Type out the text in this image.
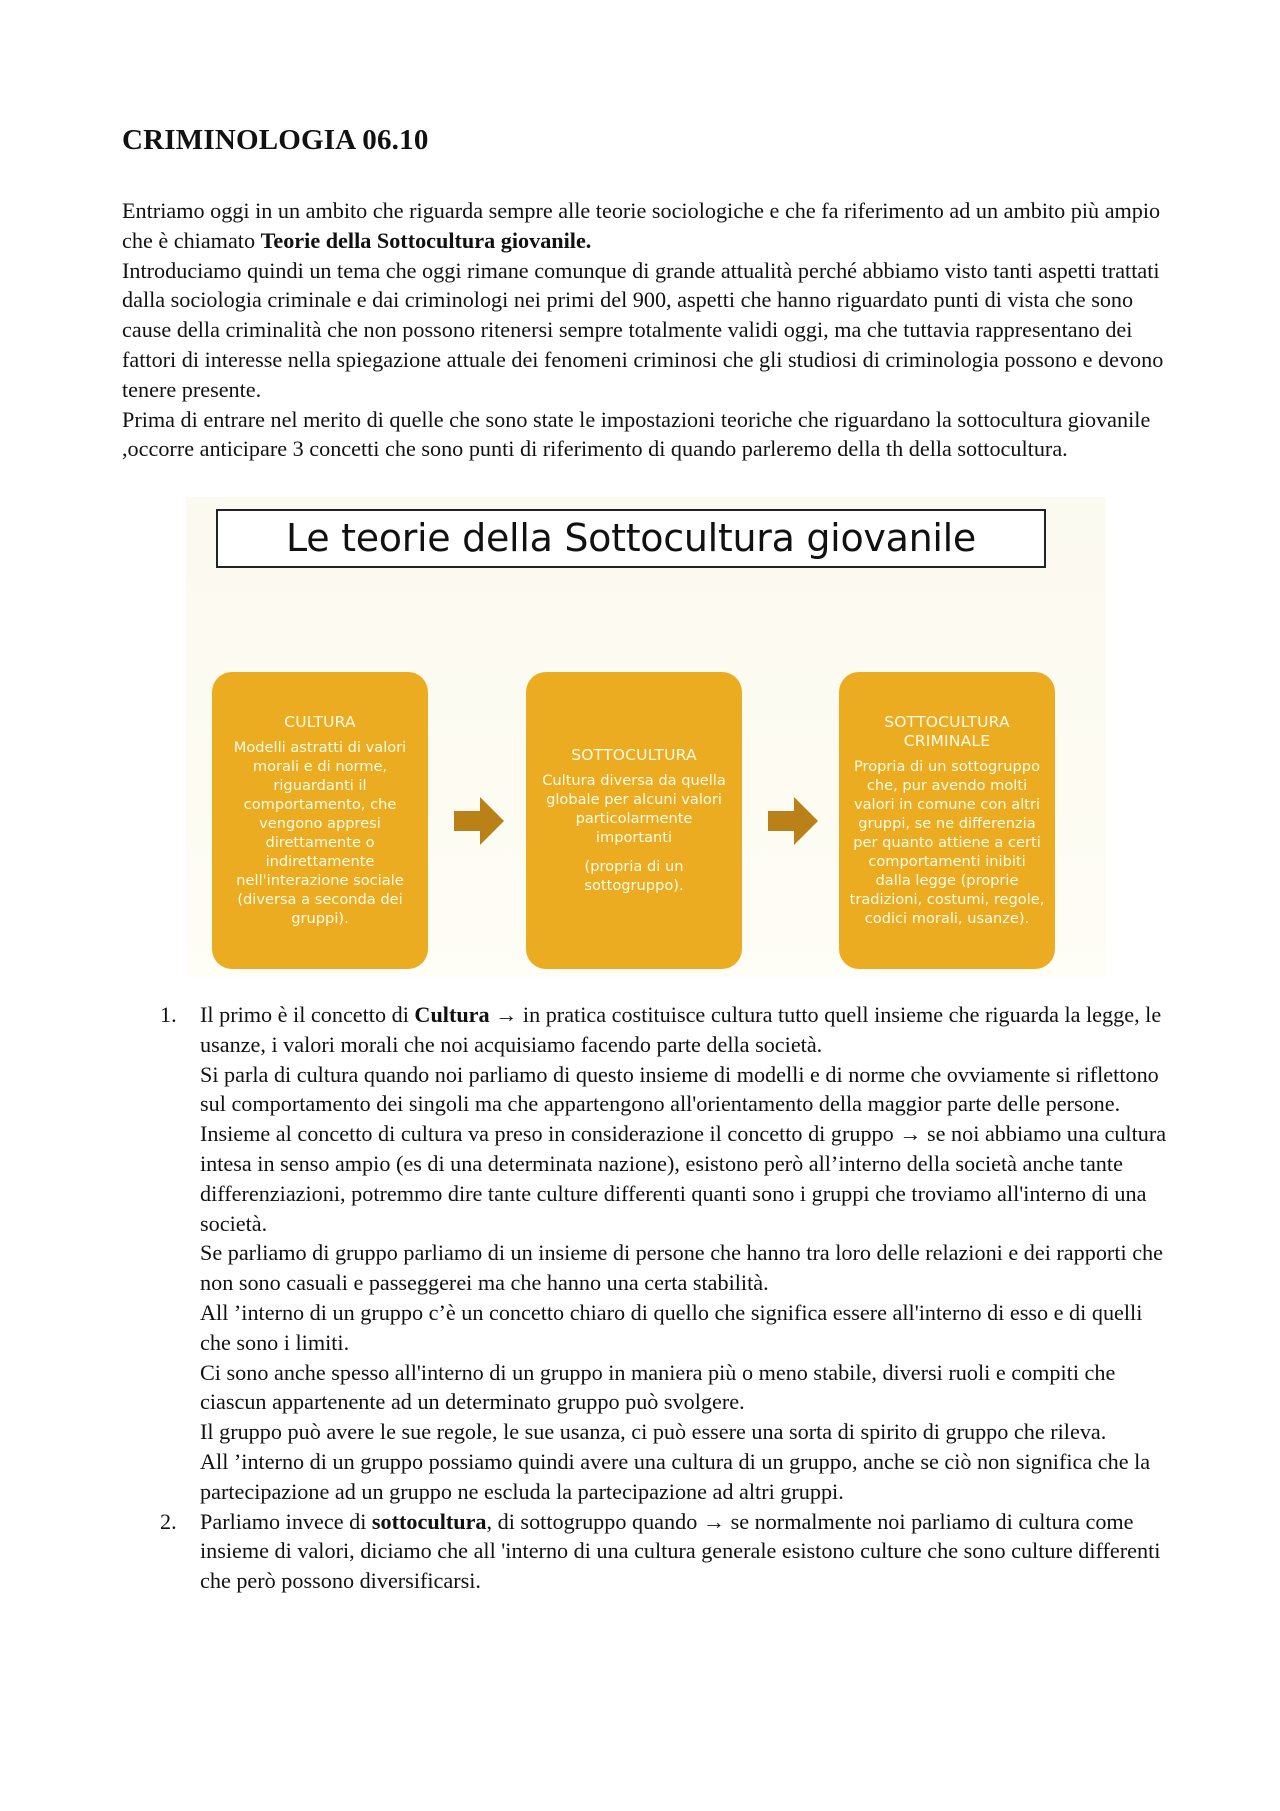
CRIMINOLOGIA 06.10

Entriamo oggi in un ambito che riguarda sempre alle teorie sociologiche e che fa riferimento ad un ambito più ampio che è chiamato Teorie della Sottocultura giovanile.

Introduciamo quindi un tema che oggi rimane comunque di grande attualità perché abbiamo visto tanti aspetti trattati dalla sociologia criminale e dai criminologi nei primi del 900, aspetti che hanno riguardato punti di vista che sono cause della criminalità che non possono ritenersi sempre totalmente validi oggi, ma che tuttavia rappresentano dei fattori di interesse nella spiegazione attuale dei fenomeni criminosi che gli studiosi di criminologia possono e devono tenere presente.

Prima di entrare nel merito di quelle che sono state le impostazioni teoriche che riguardano la sottocultura giovanile ,occorre anticipare 3 concetti che sono punti di riferimento di quando parleremo della th della sottocultura.

Le teorie della Sottocultura giovanile
CULTURA
Modelli astratti di valori morali e di norme, riguardanti il comportamento, che vengono appresi direttamente o indirettamente nell'interazione sociale (diversa a seconda dei gruppi).
SOTTOCULTURA
Cultura diversa da quella globale per alcuni valori particolarmente importanti
(propria di un sottogruppo).
SOTTOCULTURA CRIMINALE
Propria di un sottogruppo che, pur avendo molti valori in comune con altri gruppi, se ne differenzia per quanto attiene a certi comportamenti inibiti dalla legge (proprie tradizioni, costumi, regole, codici morali, usanze).
1. Il primo è il concetto di Cultura → in pratica costituisce cultura tutto quell insieme che riguarda la legge, le usanze, i valori morali che noi acquisiamo facendo parte della società.

Si parla di cultura quando noi parliamo di questo insieme di modelli e di norme che ovviamente si riflettono sul comportamento dei singoli ma che appartengono all'orientamento della maggior parte delle persone.

Insieme al concetto di cultura va preso in considerazione il concetto di gruppo → se noi abbiamo una cultura intesa in senso ampio (es di una determinata nazione), esistono però all’interno della società anche tante differenziazioni, potremmo dire tante culture differenti quanti sono i gruppi che troviamo all'interno di una società.

Se parliamo di gruppo parliamo di un insieme di persone che hanno tra loro delle relazioni e dei rapporti che non sono casuali e passeggerei ma che hanno una certa stabilità.

All ’interno di un gruppo c’è un concetto chiaro di quello che significa essere all'interno di esso e di quelli che sono i limiti.

Ci sono anche spesso all'interno di un gruppo in maniera più o meno stabile, diversi ruoli e compiti che ciascun appartenente ad un determinato gruppo può svolgere.

Il gruppo può avere le sue regole, le sue usanza, ci può essere una sorta di spirito di gruppo che rileva.

All ’interno di un gruppo possiamo quindi avere una cultura di un gruppo, anche se ciò non significa che la partecipazione ad un gruppo ne escluda la partecipazione ad altri gruppi.

2. Parliamo invece di sottocultura, di sottogruppo quando → se normalmente noi parliamo di cultura come insieme di valori, diciamo che all 'interno di una cultura generale esistono culture che sono culture differenti che però possono diversificarsi.
